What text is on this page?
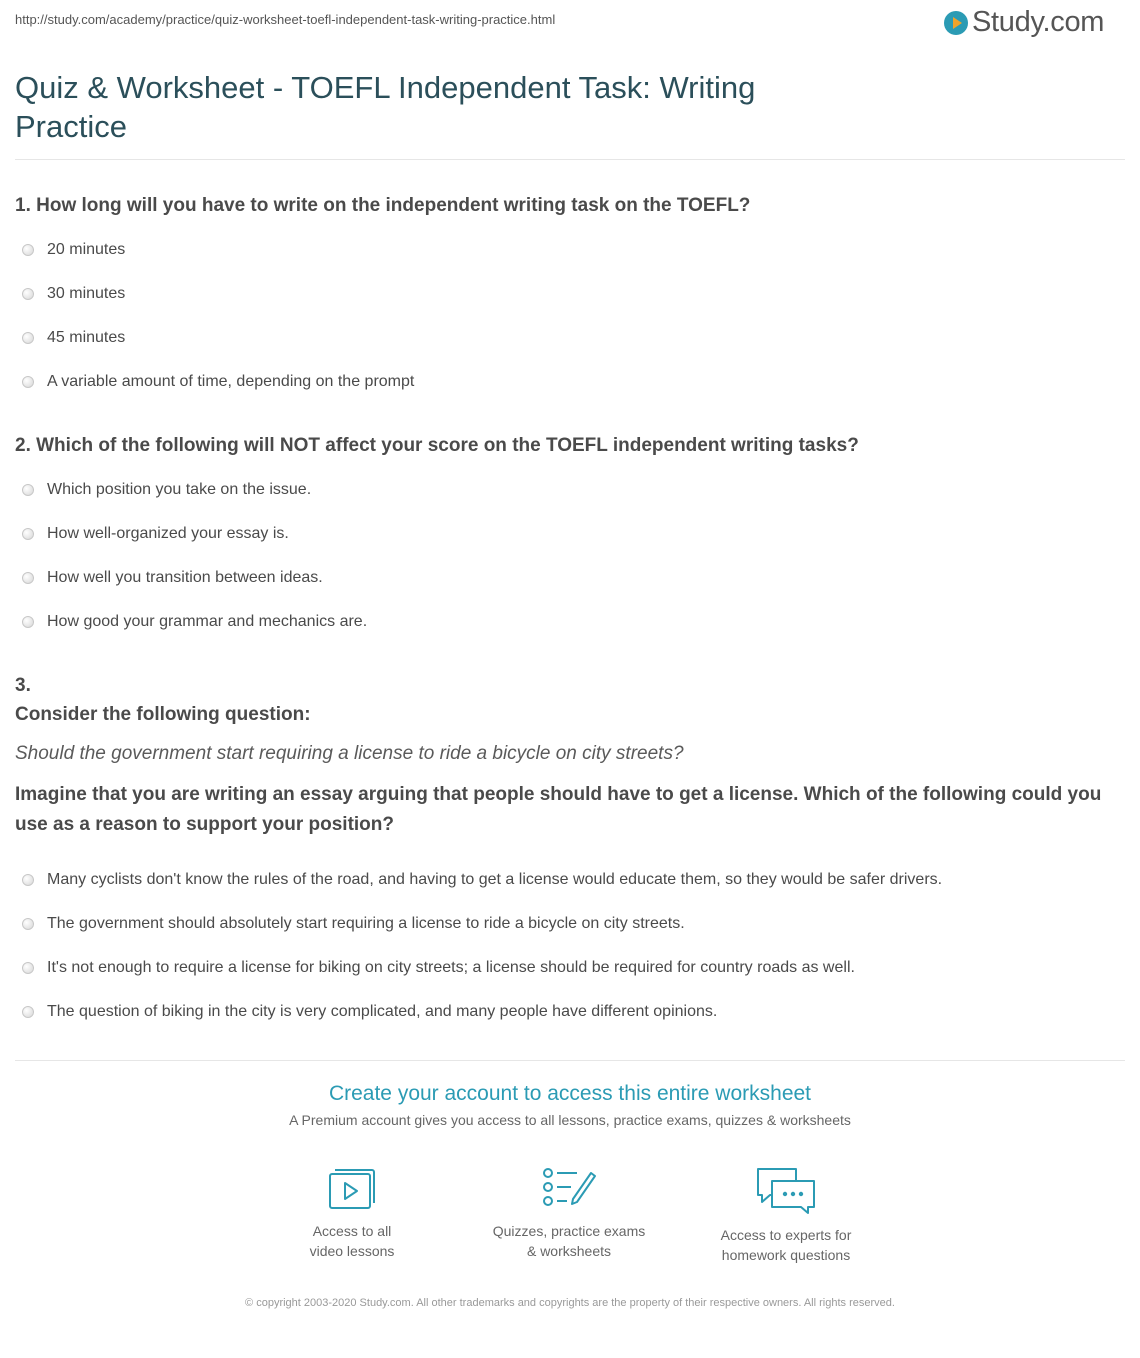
http://study.com/academy/practice/quiz-worksheet-toefl-independent-task-writing-practice.html	Study.com
Quiz & Worksheet - TOEFL Independent Task: Writing Practice
1. How long will you have to write on the independent writing task on the TOEFL?
20 minutes
30 minutes
45 minutes
A variable amount of time, depending on the prompt
2. Which of the following will NOT affect your score on the TOEFL independent writing tasks?
Which position you take on the issue.
How well-organized your essay is.
How well you transition between ideas.
How good your grammar and mechanics are.
3.
Consider the following question:
Should the government start requiring a license to ride a bicycle on city streets?
Imagine that you are writing an essay arguing that people should have to get a license. Which of the following could you use as a reason to support your position?
Many cyclists don't know the rules of the road, and having to get a license would educate them, so they would be safer drivers.
The government should absolutely start requiring a license to ride a bicycle on city streets.
It's not enough to require a license for biking on city streets; a license should be required for country roads as well.
The question of biking in the city is very complicated, and many people have different opinions.
Create your account to access this entire worksheet
A Premium account gives you access to all lessons, practice exams, quizzes & worksheets
Access to all
video lessons
Quizzes, practice exams
& worksheets
Access to experts for
homework questions
© copyright 2003-2020 Study.com. All other trademarks and copyrights are the property of their respective owners. All rights reserved.
